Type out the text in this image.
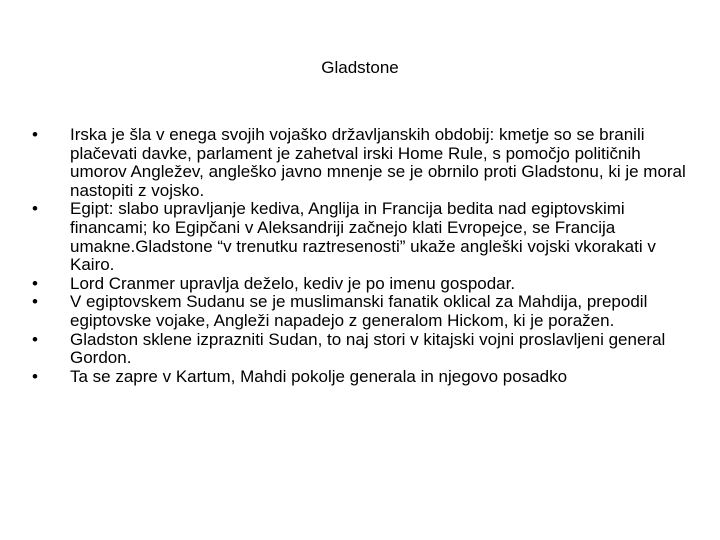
Gladstone
• Irska je šla v enega svojih vojaško državljanskih obdobij: kmetje so se branili plačevati davke, parlament je zahetval irski Home Rule, s pomočjo političnih umorov Angležev, angleško javno mnenje se je obrnilo proti Gladstonu, ki je moral nastopiti z vojsko.
• Egipt: slabo upravljanje kediva, Anglija in Francija bedita nad egiptovskimi financami; ko Egipčani v Aleksandriji začnejo klati Evropejce, se Francija umakne.Gladstone “v trenutku raztresenosti” ukaže angleški vojski vkorakati v Kairo.
• Lord Cranmer upravlja deželo, kediv je po imenu gospodar.
• V egiptovskem Sudanu se je muslimanski fanatik oklical za Mahdija, prepodil egiptovske vojake, Angleži napadejo z generalom Hickom, ki je poražen.
• Gladston sklene izprazniti Sudan, to naj stori v kitajski vojni proslavljeni general Gordon.
• Ta se zapre v Kartum, Mahdi pokolje generala in njegovo posadko
